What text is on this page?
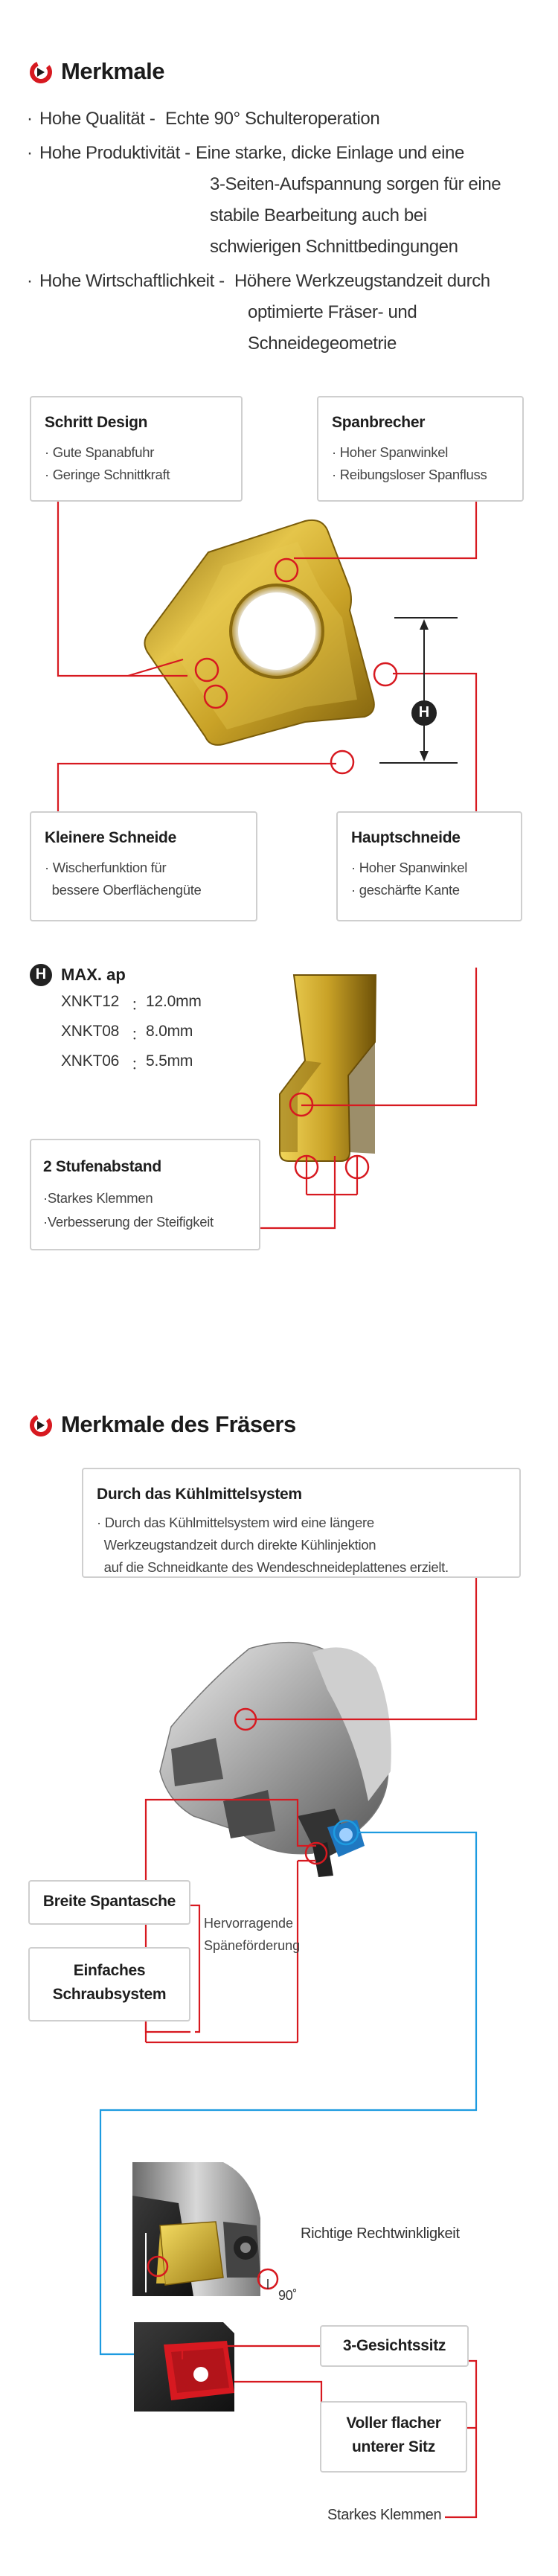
Merkmale
· Hohe Qualität - Echte 90° Schulteroperation
· Hohe Produktivität - Eine starke, dicke Einlage und eine
3-Seiten-Aufspannung sorgen für eine
stabile Bearbeitung auch bei
schwierigen Schnittbedingungen
· Hohe Wirtschaftlichkeit - Höhere Werkzeugstandzeit durch
optimierte Fräser- und
Schneidegeometrie
H
H
Schritt Design
· Gute Spanabfuhr
· Geringe Schnittkraft
Spanbrecher
· Hoher Spanwinkel
· Reibungsloser Spanfluss
Kleinere Schneide
· Wischerfunktion für
bessere Oberflächengüte
Hauptschneide
· Hoher Spanwinkel
· geschärfte Kante
MAX. ap
XNKT12 ： 12.0mm
XNKT08 ： 8.0mm
XNKT06 ： 5.5mm
2 Stufenabstand
·Starkes Klemmen
·Verbesserung der Steifigkeit
Merkmale des Fräsers
Durch das Kühlmittelsystem
· Durch das Kühlmittelsystem wird eine längere
Werkzeugstandzeit durch direkte Kühlinjektion
auf die Schneidkante des Wendeschneideplattenes erzielt.
Breite Spantasche
Einfaches
Schraubsystem
Hervorragende
Späneförderung
Richtige Rechtwinkligkeit
90˚
3-Gesichtssitz
Voller flacher
unterer Sitz
Starkes Klemmen
